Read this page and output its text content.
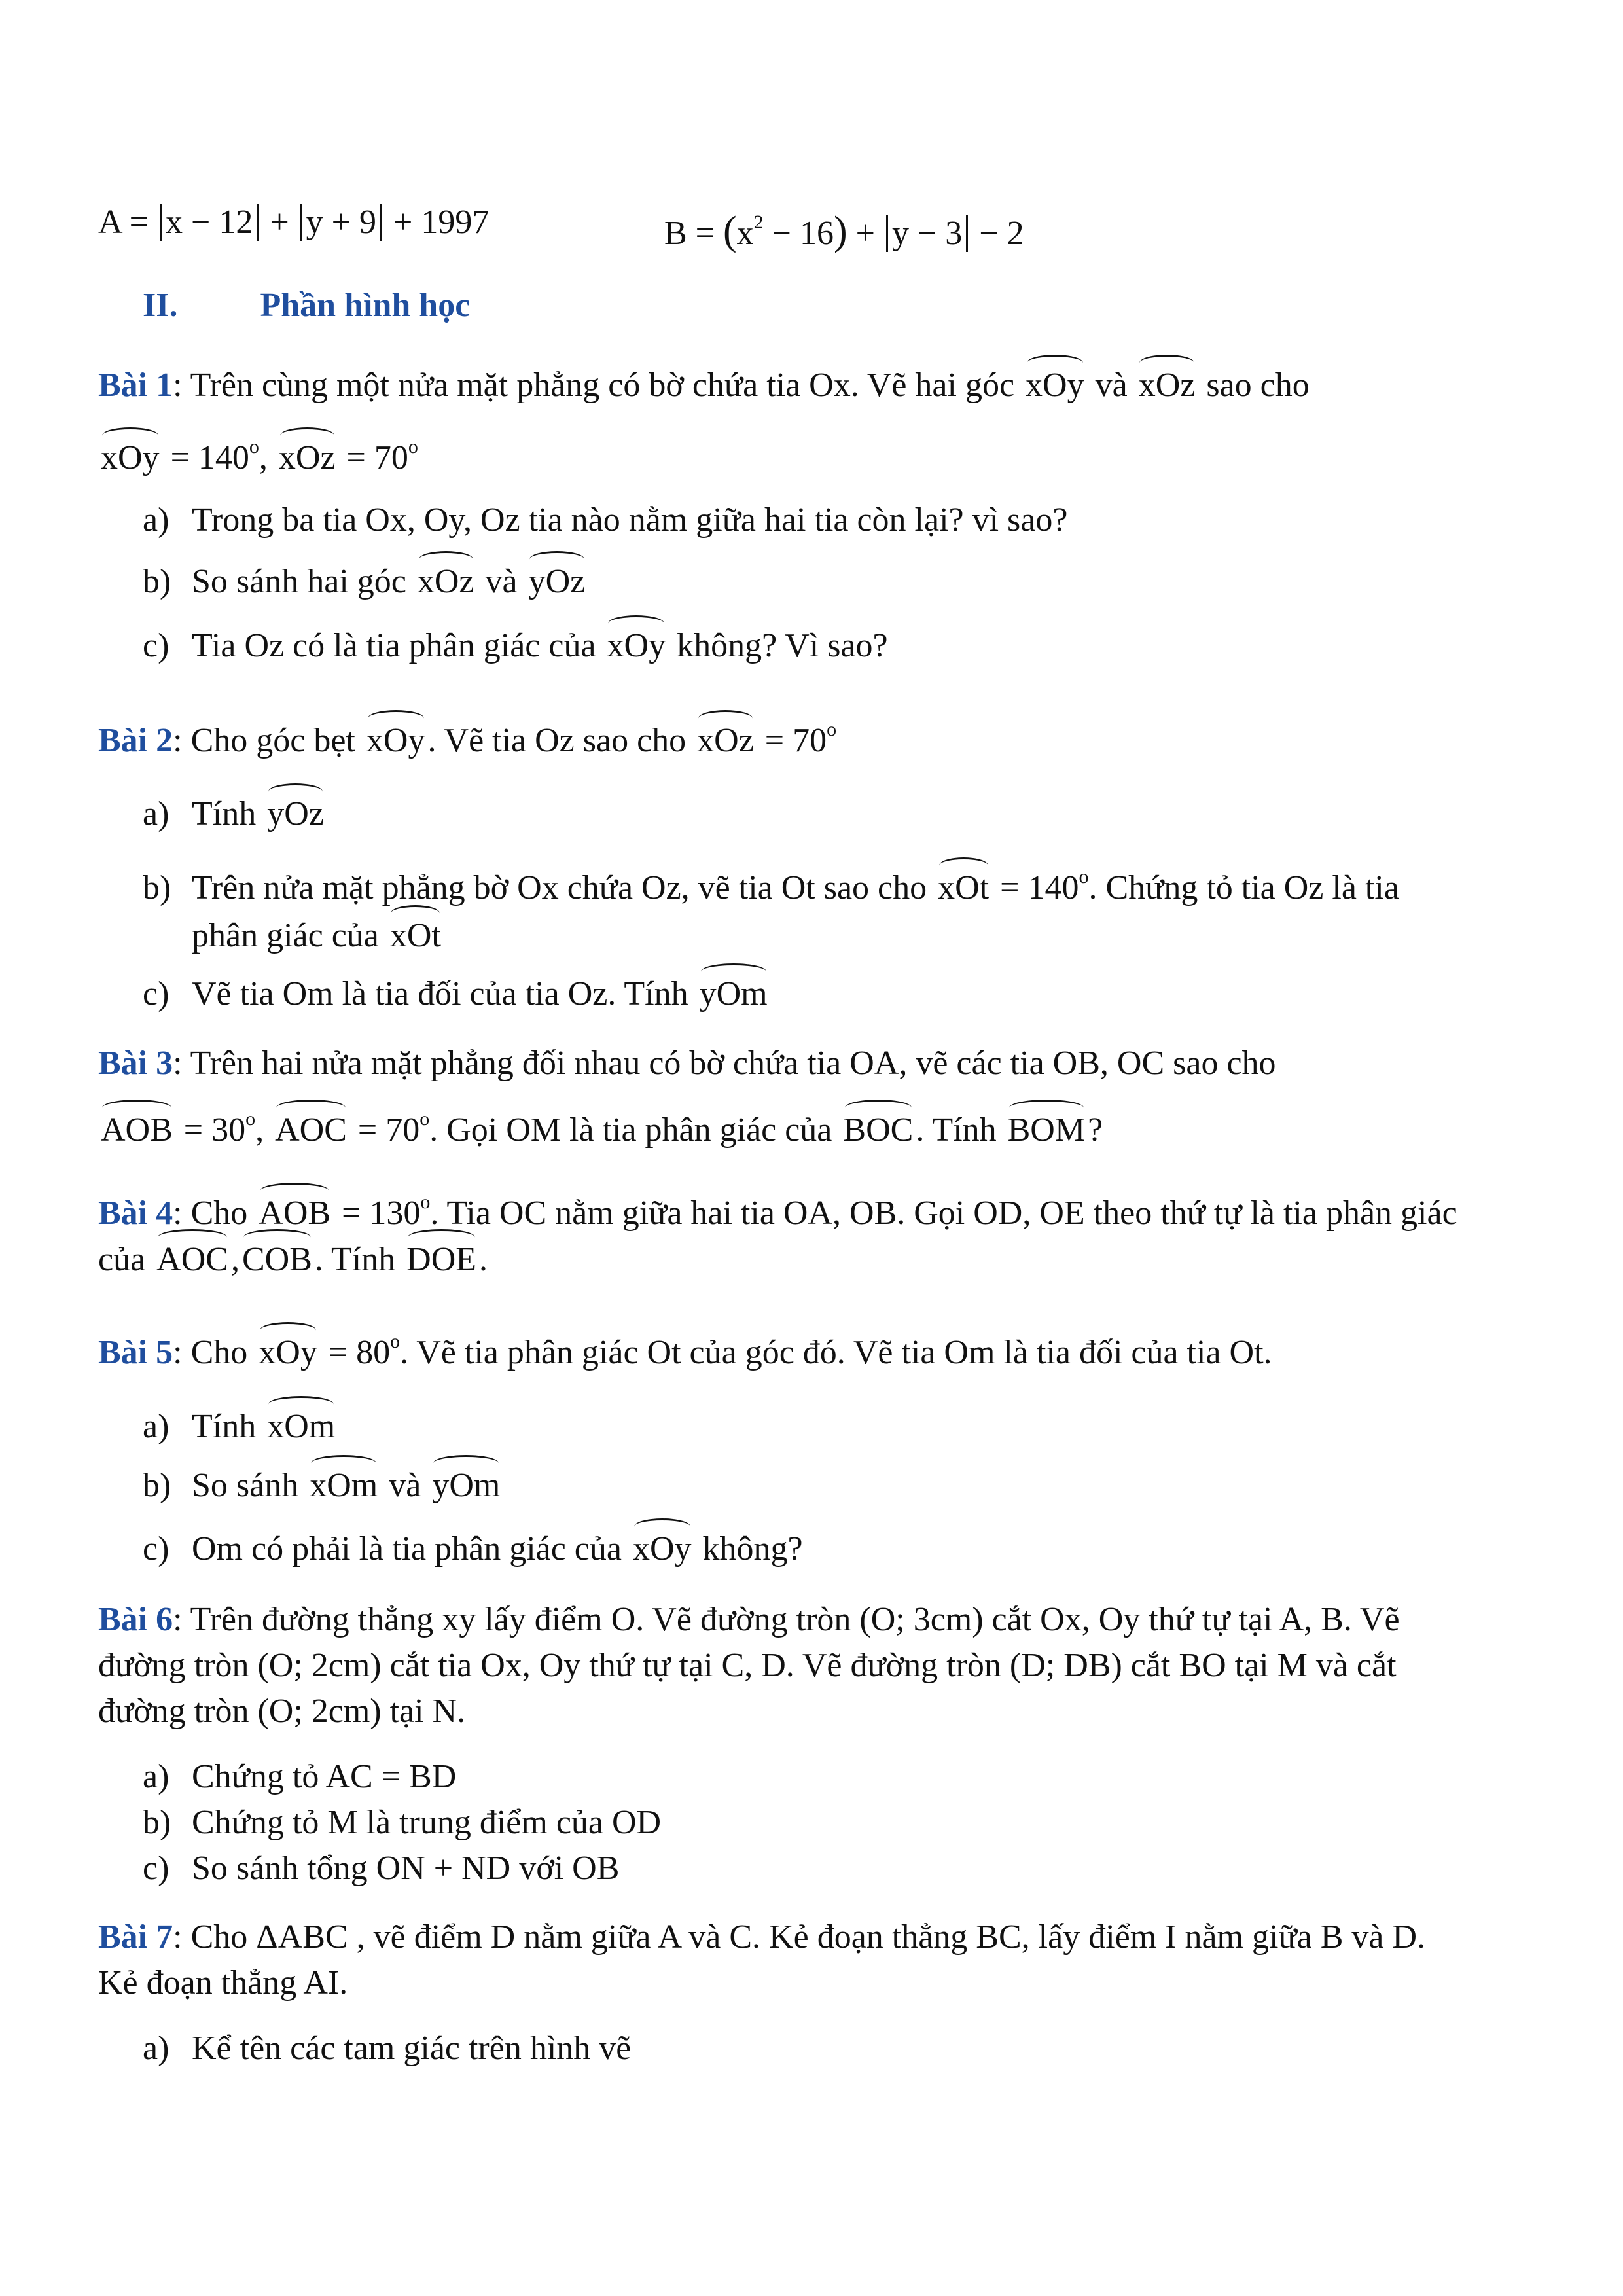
A = x − 12 + y + 9 + 1997	$B = (x^2 - 16) + y - 3 - 2$
II. Phần hình học
Bài 1: Trên cùng một nửa mặt phẳng có bờ chứa tia Ox. Vẽ hai góc xOy và xOz sao cho
xOy = $140^o$, xOz = $70^o$
a) Trong ba tia Ox, Oy, Oz tia nào nằm giữa hai tia còn lại? vì sao?
b) So sánh hai góc xOz và yOz
c) Tia Oz có là tia phân giác của xOy không? Vì sao?
Bài 2: Cho góc bẹt xOy. Vẽ tia Oz sao cho xOz = $70^o$
a) Tính yOz
b) Trên nửa mặt phẳng bờ Ox chứa Oz, vẽ tia Ot sao cho xOt = $140^o$. Chứng tỏ tia Oz là tia
phân giác của xOt
c) Vẽ tia Om là tia đối của tia Oz. Tính yOm
Bài 3: Trên hai nửa mặt phẳng đối nhau có bờ chứa tia OA, vẽ các tia OB, OC sao cho
AOB = $30^o$, AOC = $70^o$. Gọi OM là tia phân giác của BOC. Tính BOM?
Bài 4: Cho AOB = $130^o$. Tia OC nằm giữa hai tia OA, OB. Gọi OD, OE theo thứ tự là tia phân giác
của AOC,COB. Tính DOE.
Bài 5: Cho xOy = $80^o$. Vẽ tia phân giác Ot của góc đó. Vẽ tia Om là tia đối của tia Ot.
a) Tính xOm
b) So sánh xOm và yOm
c) Om có phải là tia phân giác của xOy không?
Bài 6: Trên đường thẳng xy lấy điểm O. Vẽ đường tròn (O; 3cm) cắt Ox, Oy thứ tự tại A, B. Vẽ
đường tròn (O; 2cm) cắt tia Ox, Oy thứ tự tại C, D. Vẽ đường tròn (D; DB) cắt BO tại M và cắt
đường tròn (O; 2cm) tại N.
a) Chứng tỏ AC = BD
b) Chứng tỏ M là trung điểm của OD
c) So sánh tổng ON + ND với OB
Bài 7: Cho ΔABC , vẽ điểm D nằm giữa A và C. Kẻ đoạn thẳng BC, lấy điểm I nằm giữa B và D.
Kẻ đoạn thẳng AI.
a) Kể tên các tam giác trên hình vẽ
